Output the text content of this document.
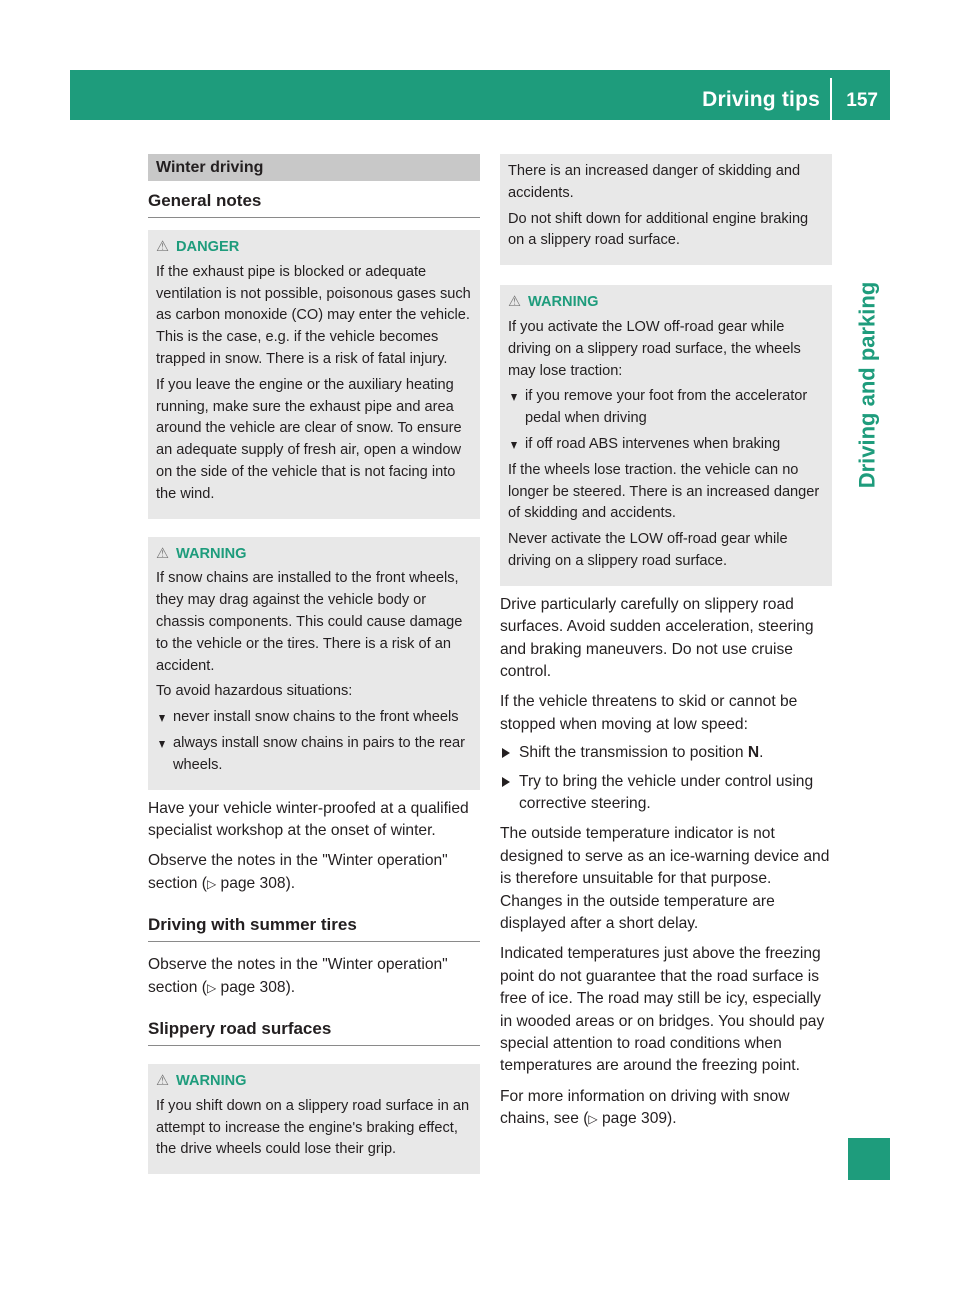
Driving tips 157
Driving and parking
Winter driving
General notes
⚠ DANGER

If the exhaust pipe is blocked or adequate ventilation is not possible, poisonous gases such as carbon monoxide (CO) may enter the vehicle. This is the case, e.g. if the vehicle becomes trapped in snow. There is a risk of fatal injury.

If you leave the engine or the auxiliary heating running, make sure the exhaust pipe and area around the vehicle are clear of snow. To ensure an adequate supply of fresh air, open a window on the side of the vehicle that is not facing into the wind.

⚠ WARNING

If snow chains are installed to the front wheels, they may drag against the vehicle body or chassis components. This could cause damage to the vehicle or the tires. There is a risk of an accident.

To avoid hazardous situations:

never install snow chains to the front wheels
always install snow chains in pairs to the rear wheels.

Have your vehicle winter-proofed at a qualified specialist workshop at the onset of winter.

Observe the notes in the "Winter operation" section (▷ page 308).

Driving with summer tires

Observe the notes in the "Winter operation" section (▷ page 308).

Slippery road surfaces
⚠ WARNING

If you shift down on a slippery road surface in an attempt to increase the engine's braking effect, the drive wheels could lose their grip.

There is an increased danger of skidding and accidents.

Do not shift down for additional engine braking on a slippery road surface.

⚠ WARNING

If you activate the LOW off-road gear while driving on a slippery road surface, the wheels may lose traction:

if you remove your foot from the accelerator pedal when driving
if off road ABS intervenes when braking

If the wheels lose traction. the vehicle can no longer be steered. There is an increased danger of skidding and accidents.

Never activate the LOW off-road gear while driving on a slippery road surface.

Drive particularly carefully on slippery road surfaces. Avoid sudden acceleration, steering and braking maneuvers. Do not use cruise control.

If the vehicle threatens to skid or cannot be stopped when moving at low speed:

Shift the transmission to position N.
Try to bring the vehicle under control using corrective steering.

The outside temperature indicator is not designed to serve as an ice-warning device and is therefore unsuitable for that purpose. Changes in the outside temperature are displayed after a short delay.

Indicated temperatures just above the freezing point do not guarantee that the road surface is free of ice. The road may still be icy, especially in wooded areas or on bridges. You should pay special attention to road conditions when temperatures are around the freezing point.

For more information on driving with snow chains, see (▷ page 309).
